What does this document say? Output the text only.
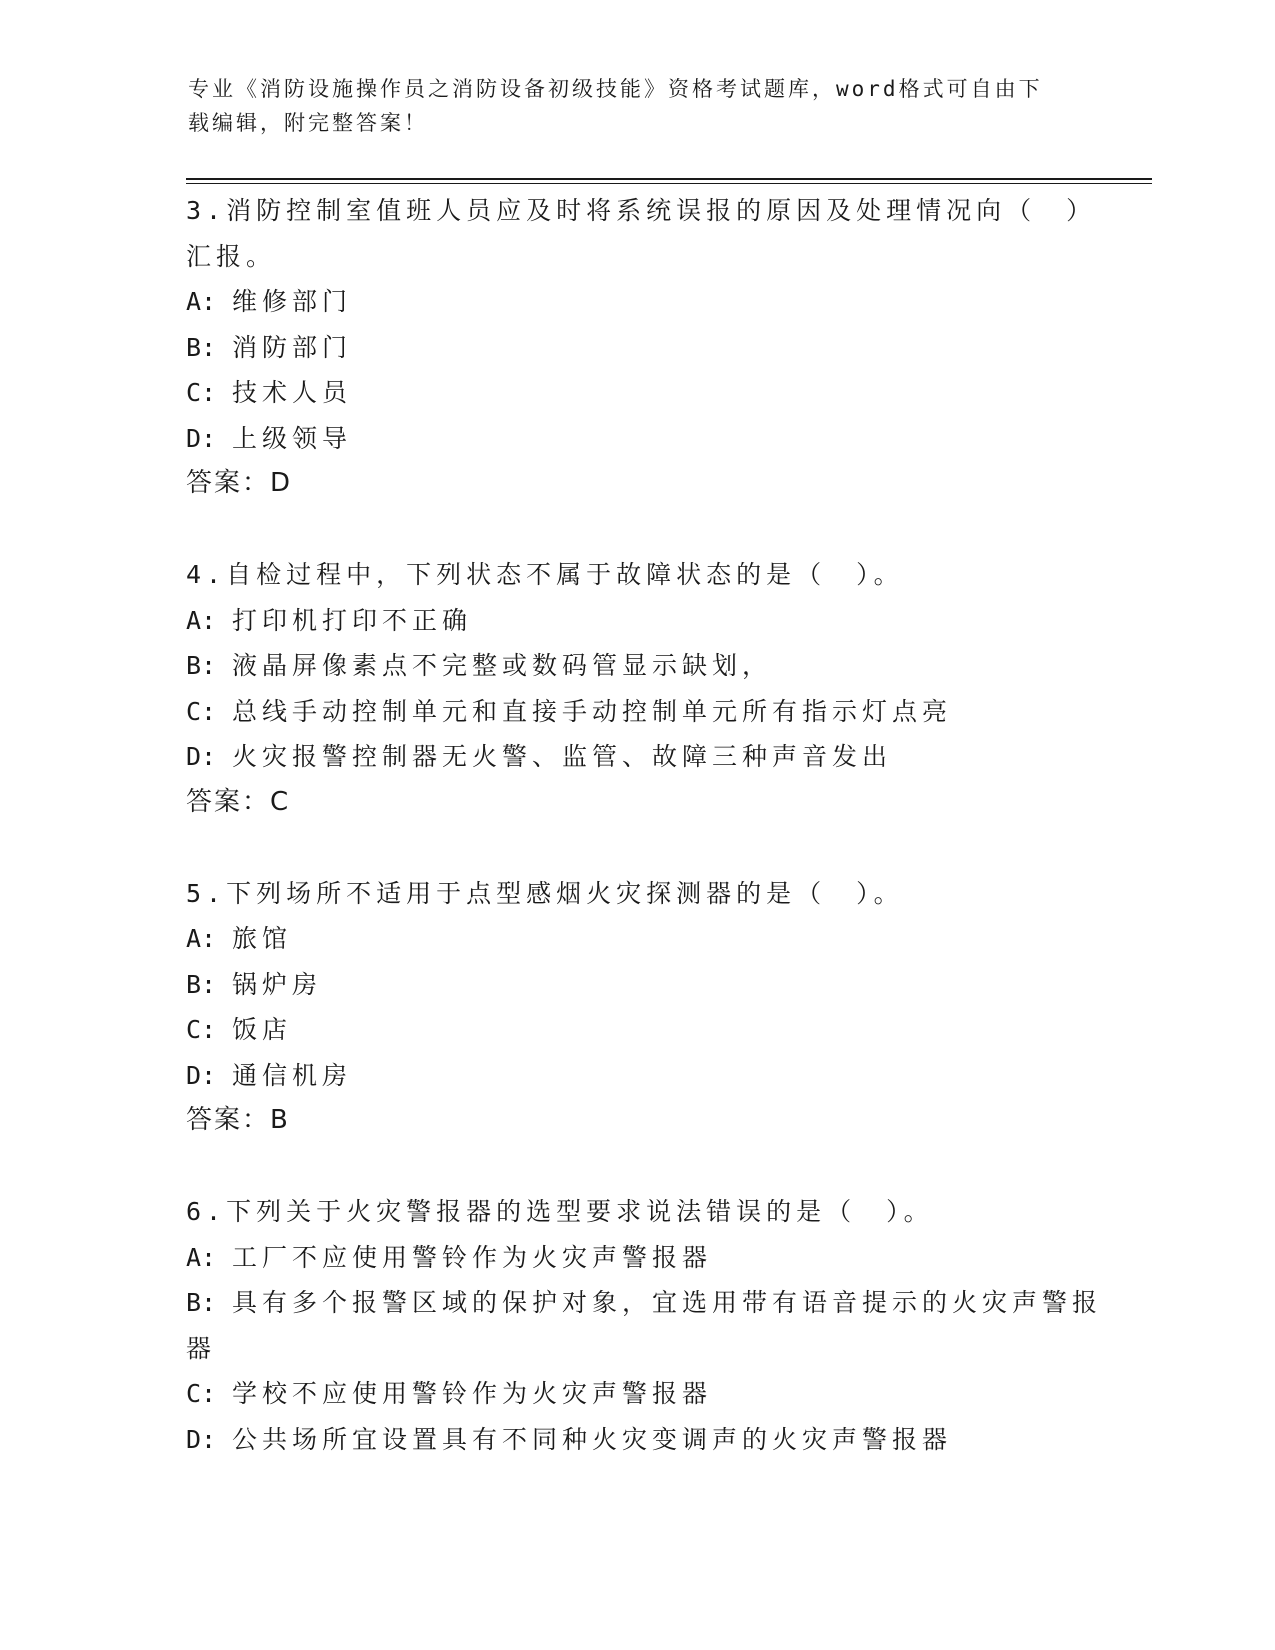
专业《消防设施操作员之消防设备初级技能》资格考试题库，word格式可自由下
载编辑，附完整答案！
3.消防控制室值班人员应及时将系统误报的原因及处理情况向（　）
汇报。
A: 维修部门
B: 消防部门
C: 技术人员
D: 上级领导
答案：D
4.自检过程中，下列状态不属于故障状态的是（　）。
A: 打印机打印不正确
B: 液晶屏像素点不完整或数码管显示缺划，
C: 总线手动控制单元和直接手动控制单元所有指示灯点亮
D: 火灾报警控制器无火警、监管、故障三种声音发出
答案：C
5.下列场所不适用于点型感烟火灾探测器的是（　）。
A: 旅馆
B: 锅炉房
C: 饭店
D: 通信机房
答案：B
6.下列关于火灾警报器的选型要求说法错误的是（　）。
A: 工厂不应使用警铃作为火灾声警报器
B: 具有多个报警区域的保护对象，宜选用带有语音提示的火灾声警报
器
C: 学校不应使用警铃作为火灾声警报器
D: 公共场所宜设置具有不同种火灾变调声的火灾声警报器
